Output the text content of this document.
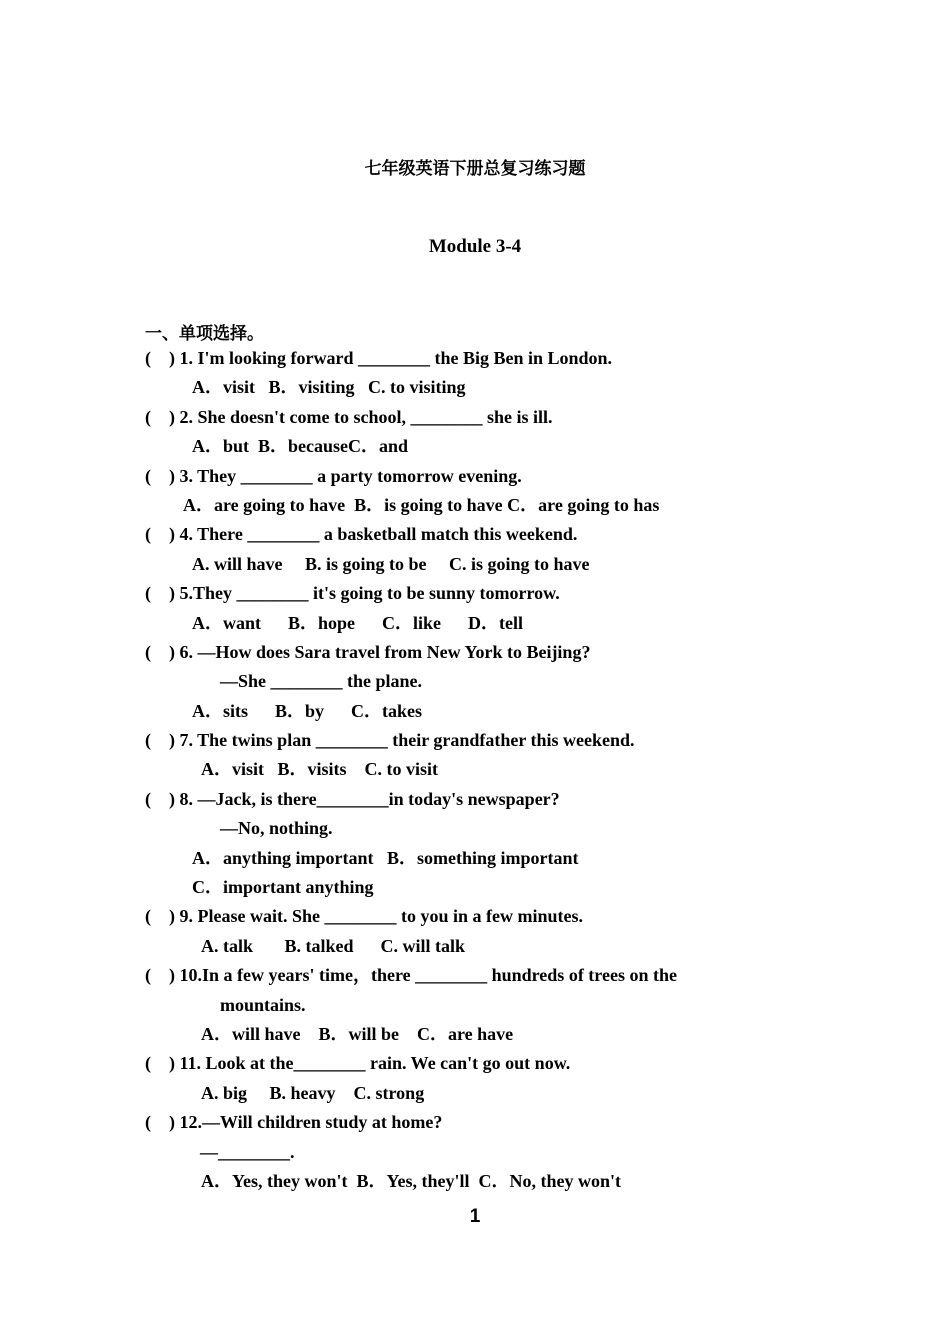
七年级英语下册总复习练习题
Module 3-4
一、单项选择。
( ) 1. I'm looking forward ________ the Big Ben in London.
A．visit   B．visiting   C. to visiting
( ) 2. She doesn't come to school, ________ she is ill.
A．but  B．becauseC．and
( ) 3. They ________ a party tomorrow evening.
A．are going to have  B．is going to have C．are going to has
( ) 4. There ________ a basketball match this weekend.
A. will have     B. is going to be     C. is going to have
( ) 5.They ________ it's going to be sunny tomorrow.
A．want      B．hope      C．like      D．tell
( ) 6. —How does Sara travel from New York to Beijing?
—She ________ the plane.
A．sits      B．by      C．takes
( ) 7. The twins plan ________ their grandfather this weekend.
A．visit   B．visits    C. to visit
( ) 8. —Jack, is there________in today's newspaper?
—No, nothing.
A．anything important   B．something important
C．important anything
( ) 9. Please wait. She ________ to you in a few minutes.
A. talk       B. talked      C. will talk
( ) 10.In a few years' time，there ________ hundreds of trees on the
mountains.
A．will have    B．will be    C．are have
( ) 11. Look at the________ rain. We can't go out now.
A. big     B. heavy    C. strong
( ) 12.—Will children study at home?
—________.
A．Yes, they won't  B．Yes, they'll  C．No, they won't
1
